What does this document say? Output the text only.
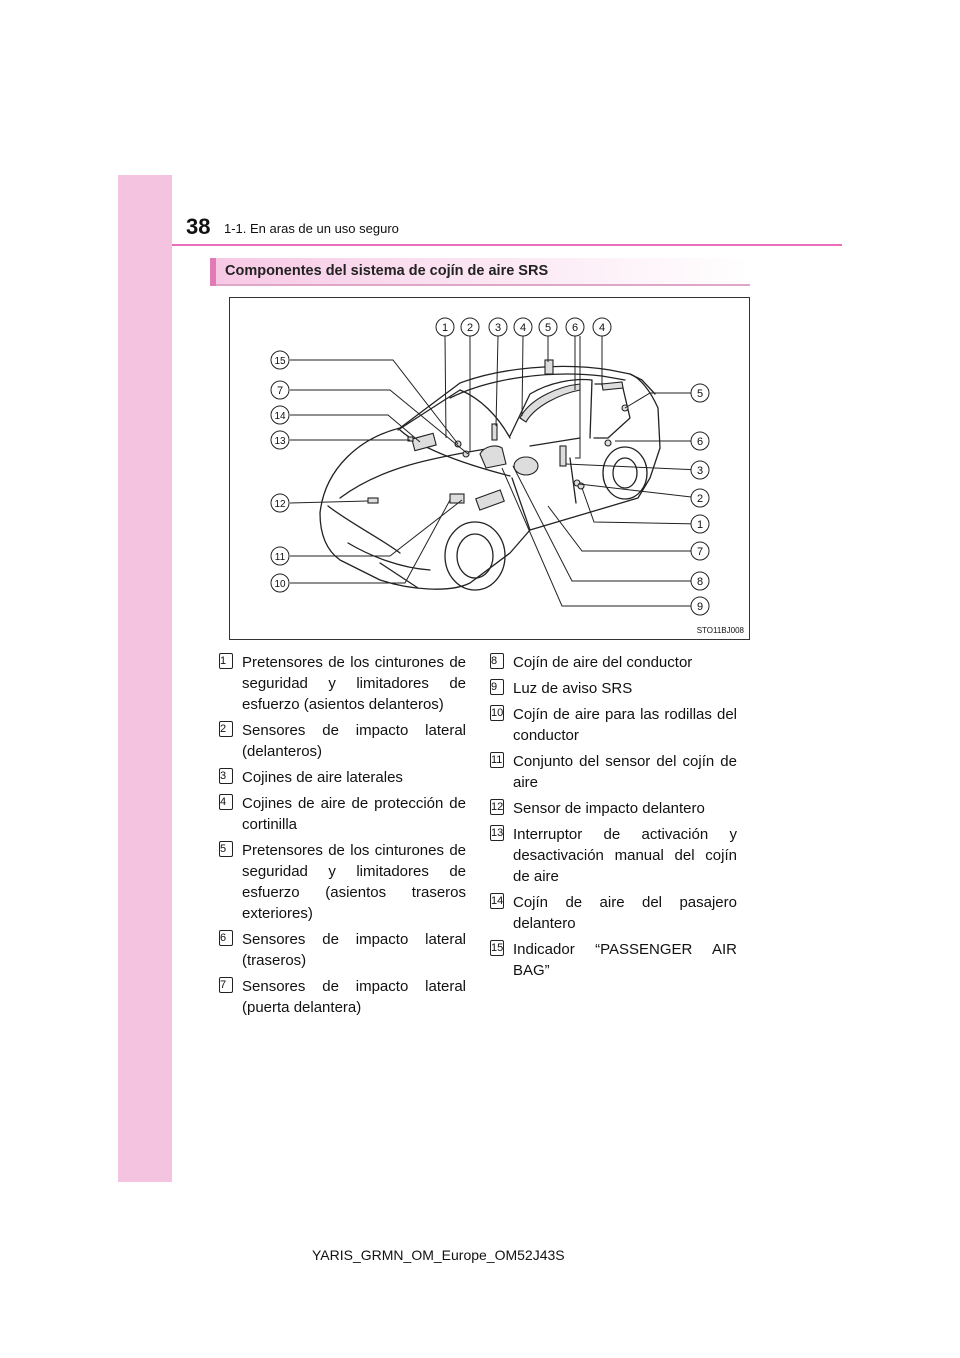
38 1-1. En aras de un uso seguro
Componentes del sistema de cojín de aire SRS
1 2 3 4 5 6 4
15
7
14
13
12
11
10
5
6
3
2
1
7
8
9
STO11BJ008
1	Pretensores de los cinturones de seguridad y limitadores de esfuerzo (asientos delanteros)
2	Sensores de impacto lateral (delanteros)
3	Cojines de aire laterales
4	Cojines de aire de protección de cortinilla
5	Pretensores de los cinturones de seguridad y limitadores de esfuerzo (asientos traseros exteriores)
6	Sensores de impacto lateral (traseros)
7	Sensores de impacto lateral (puerta delantera)
8	Cojín de aire del conductor
9	Luz de aviso SRS
10 Cojín de aire para las rodillas del conductor
11 Conjunto del sensor del cojín de aire
12 Sensor de impacto delantero
13 Interruptor de activación y desactivación manual del cojín de aire
14 Cojín de aire del pasajero delantero
15 Indicador “PASSENGER AIR BAG”
YARIS_GRMN_OM_Europe_OM52J43S
